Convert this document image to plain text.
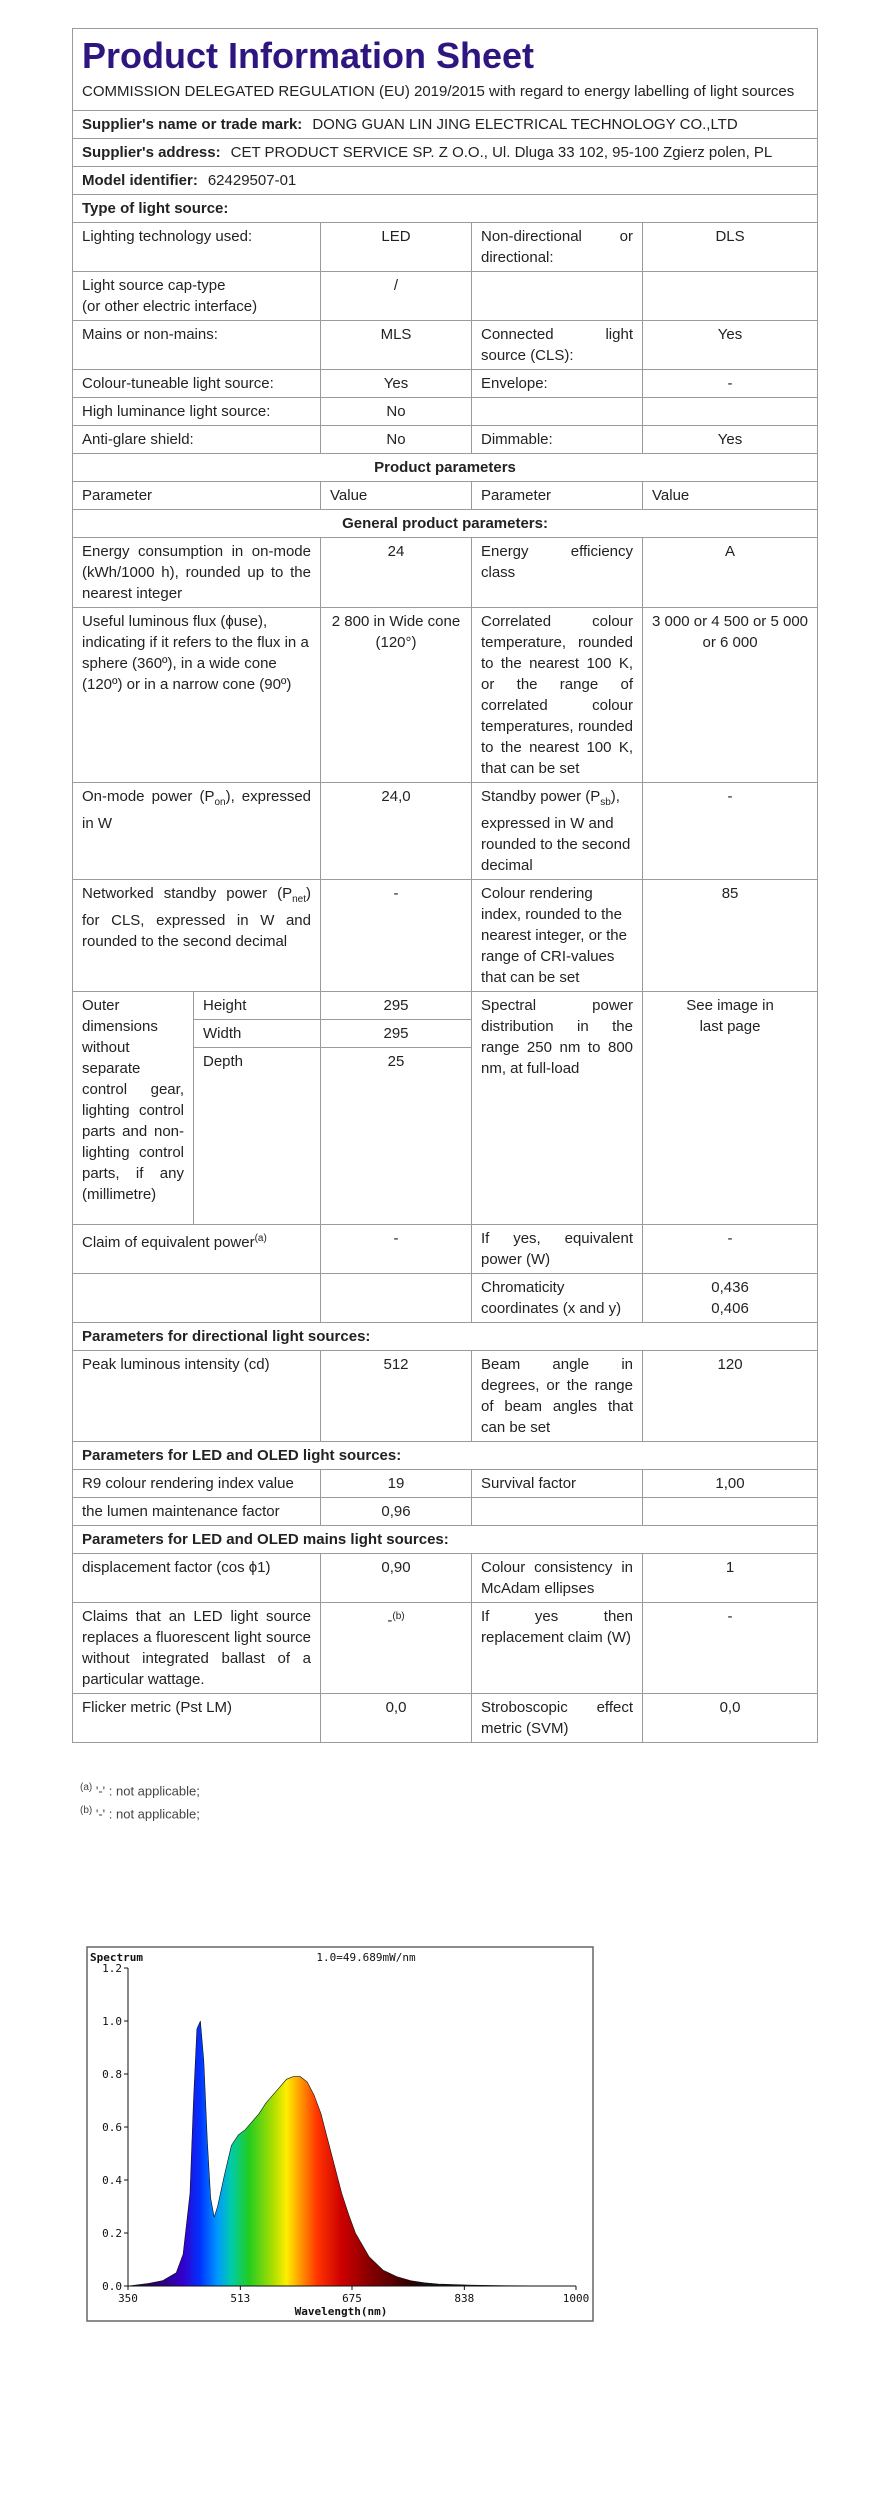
Product Information Sheet
COMMISSION DELEGATED REGULATION (EU) 2019/2015 with regard to energy labelling of light sources				

Supplier's name or trade mark: DONG GUAN LIN JING ELECTRICAL TECHNOLOGY CO.,LTD				
Supplier's address: CET PRODUCT SERVICE SP. Z O.O., Ul. Dluga 33 102, 95-100 Zgierz polen, PL				
Model identifier: 62429507-01				
Type of light source:				
Lighting technology used:		LED	Non-directional or directional:	DLS
Light source cap-type
(or other electric interface)		/		
Mains or non-mains:		MLS	Connected light source (CLS):	Yes
Colour-tuneable light source:		Yes	Envelope:	-
High luminance light source:		No		
Anti-glare shield:		No	Dimmable:	Yes
Product parameters				
Parameter		Value	Parameter	Value
General product parameters:				
Energy consumption in on-mode (kWh/1000 h), rounded up to the nearest integer		24	Energy efficiency class	A
Useful luminous flux (ϕuse), indicating if it refers to the flux in a sphere (360º), in a wide cone (120º) or in a narrow cone (90º)		2 800 in Wide cone (120°)	Correlated colour temperature, rounded to the nearest 100 K, or the range of correlated colour temperatures, rounded to the nearest 100 K, that can be set	3 000 or 4 500 or 5 000 or 6 000
On-mode power $(P_{on})$, expressed in W		24,0	Standby power $(P_{sb})$, expressed in W and rounded to the second decimal	-
Networked standby power $(P_{net})$ for CLS, expressed in W and rounded to the second decimal		-	Colour rendering index, rounded to the nearest integer, or the range of CRI-values that can be set	85
Outer dimensions without separate control gear, lighting control parts and non-lighting control parts, if any (millimetre)	Height	295	Spectral power distribution in the range 250 nm to 800 nm, at full-load	See image in last page
	Width	295		
	Depth	25		
Claim of equivalent power$^{(a)}$		-	If yes, equivalent power (W)	-
			Chromaticity coordinates (x and y)	0,436
0,406

Parameters for directional light sources:				
Peak luminous intensity (cd)		512	Beam angle in degrees, or the range of beam angles that can be set	120
Parameters for LED and OLED light sources:				
R9 colour rendering index value		19	Survival factor	1,00
the lumen maintenance factor		0,96		
Parameters for LED and OLED mains light sources:				
displacement factor (cos ϕ1)		0,90	Colour consistency in McAdam ellipses	1
Claims that an LED light source replaces a fluorescent light source without integrated ballast of a particular wattage.		-$^{(b)}$	If yes then replacement claim (W)	-
Flicker metric (Pst LM)		0,0	Stroboscopic effect metric (SVM)	0,0
$^{(a)}$ '-' : not applicable;
$^{(b)}$ '-' : not applicable;
Spectrum	1.0=49.689mW/nm
0.0
0.2
0.4
0.6
0.8
1.0
1.2
350	513	675	838	1000
Wavelength(nm)
